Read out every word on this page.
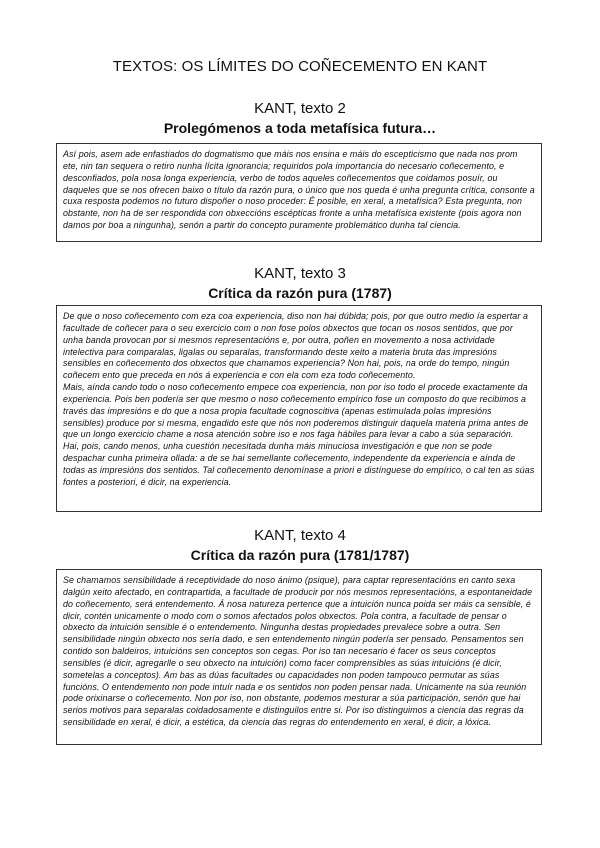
TEXTOS: OS LÍMITES DO COÑECEMENTO EN KANT
KANT, texto 2
Prolegómenos a toda metafísica futura…

Así pois, asem ade enfastiados do dogmatismo que máis nos ensina e máis do escepticismo que nada nos prom ete, nin tan sequera o retiro nunha lícita ignorancia; requiridos pola importancia do necesario coñecemento, e desconfiados, pola nosa longa experiencia, verbo de todos aqueles coñecementos que coidamos posuír, ou daqueles que se nos ofrecen baixo o título da razón pura, o único que nos queda é unha pregunta crítica, consonte a cuxa resposta podemos no futuro dispoñer o noso proceder: É posible, en xeral, a metafísica? Esta pregunta, non obstante, non ha de ser respondida con obxeccións escépticas fronte a unha metafísica existente (pois agora non damos por boa a ningunha), senón a partir do concepto puramente problemático dunha tal ciencia.

KANT, texto 3
Crítica da razón pura (1787)

De que o noso coñecemento com eza coa experiencia, diso non hai dúbida; pois, por que outro medio ía espertar a facultade de coñecer para o seu exercicio com o non fose polos obxectos que tocan os nosos sentidos, que por unha banda provocan por si mesmos representacións e, por outra, poñen en movemento a nosa actividade intelectiva para comparalas, ligalas ou separalas, transformando deste xeito a materia bruta das impresións sensibles en coñecemento dos obxectos que chamamos experiencia? Non hai, pois, na orde do tempo, ningún coñecem ento que preceda en nós á experiencia e con ela com eza todo coñecemento.

Mais, aínda cando todo o noso coñecemento empece coa experiencia, non por iso todo el procede exactamente da experiencia. Pois ben podería ser que mesmo o noso coñecemento empírico fose un composto do que recibimos a través das impresións e do que a nosa propia facultade cognoscitiva (apenas estimulada polas impresións sensibles) produce por si mesma, engadido este que nós non poderemos distinguir daquela materia prima antes de que un longo exercicio chame a nosa atención sobre iso e nos faga hábiles para levar a cabo a súa separación.

Hai, pois, cando menos, unha cuestión necesitada dunha máis minuciosa investigación e que non se pode despachar cunha primeira ollada: a de se hai semellante coñecemento, independente da experiencia e aínda de todas as impresións dos sentidos. Tal coñecemento denomínase a priori e distínguese do empírico, o cal ten as súas fontes a posteriori, é dicir, na experiencia.

KANT, texto 4
Crítica da razón pura (1781/1787)

Se chamamos sensibilidade á receptividade do noso ánimo (psique), para captar representacións en canto sexa dalgún xeito afectado, en contrapartida, a facultade de producir por nós mesmos representacións, a espontaneidade do coñecemento, será entendemento. Á nosa natureza pertence que a intuición nunca poida ser máis ca sensible, é dicir, contén unicamente o modo com o somos afectados polos obxectos. Pola contra, a facultade de pensar o obxecto da intuición sensible é o entendemento. Ningunha destas propiedades prevalece sobre a outra. Sen sensibilidade ningún obxecto nos sería dado, e sen entendemento ningún podería ser pensado. Pensamentos sen contido son baldeiros, intuicións sen conceptos son cegas. Por iso tan necesario é facer os seus conceptos sensibles (é dicir, agregarlle o seu obxecto na intuición) como facer comprensibles as súas intuicións (é dicir, sometelas a conceptos). Am bas as dúas facultades ou capacidades non poden tampouco permutar as súas funcións. O entendemento non pode intuír nada e os sentidos non poden pensar nada. Unicamente na súa reunión pode orixinarse o coñecemento. Non por iso, non obstante, podemos mesturar a súa participación, senón que hai serios motivos para separalas coidadosamente e distinguilos entre si. Por iso distinguimos a ciencia das regras da sensibilidade en xeral, é dicir, a estética, da ciencia das regras do entendemento en xeral, é dicir, a lóxica.
